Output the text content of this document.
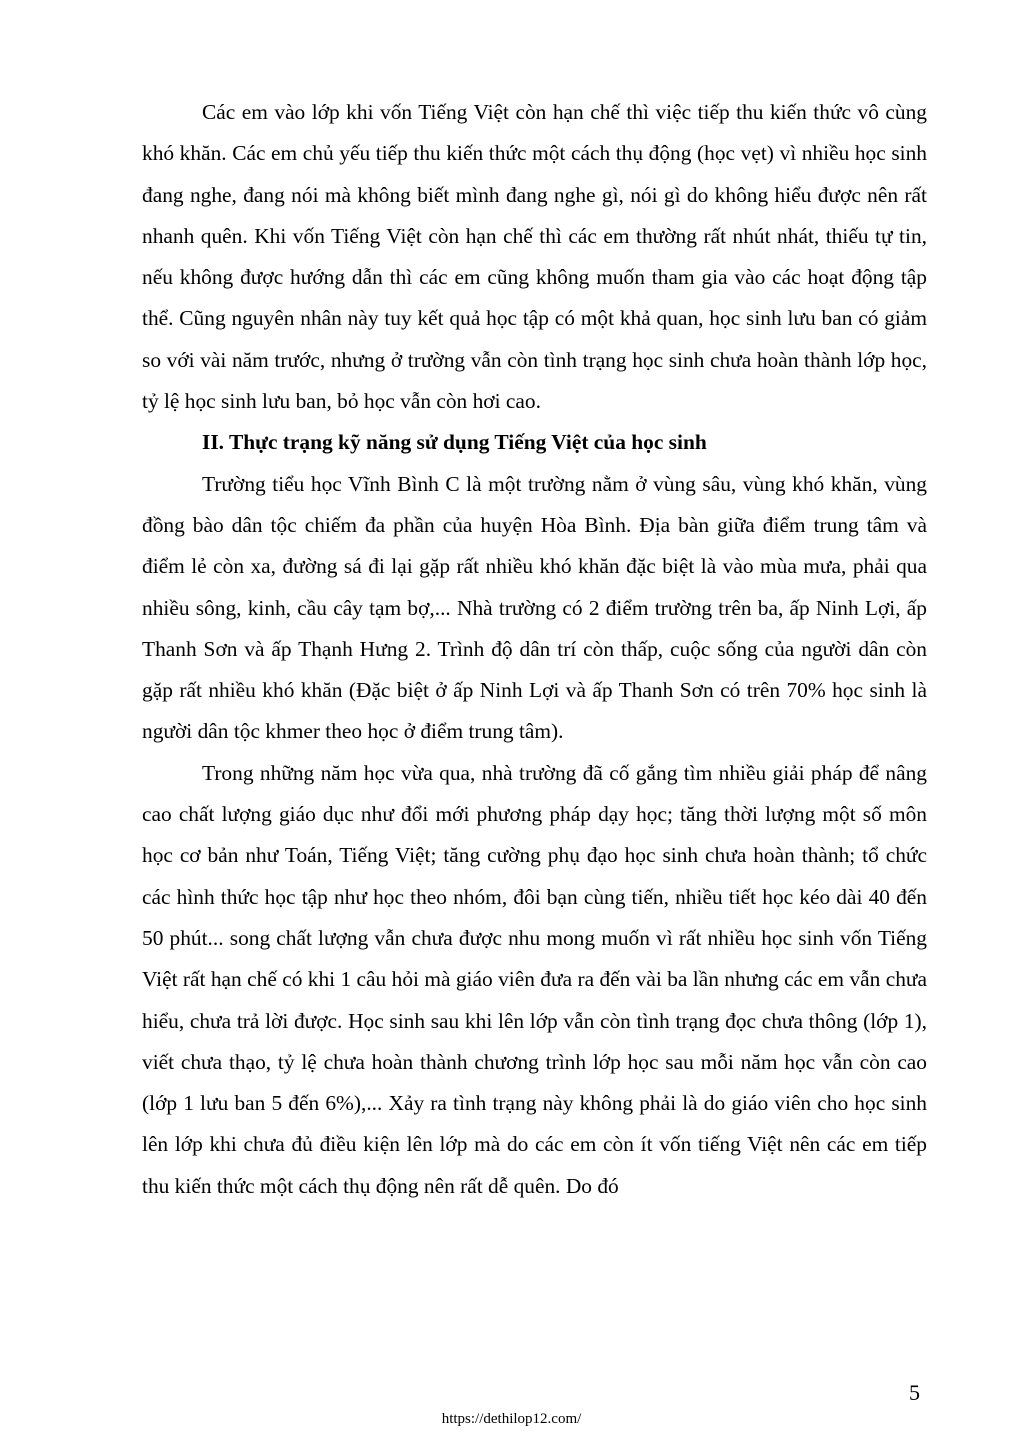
Các em vào lớp khi vốn Tiếng Việt còn hạn chế thì việc tiếp thu kiến thức vô cùng khó khăn. Các em chủ yếu tiếp thu kiến thức một cách thụ động (học vẹt) vì nhiều học sinh đang nghe, đang nói mà không biết mình đang nghe gì, nói gì do không hiểu được nên rất nhanh quên. Khi vốn Tiếng Việt còn hạn chế thì các em thường rất nhút nhát, thiếu tự tin, nếu không được hướng dẫn thì các em cũng không muốn tham gia vào các hoạt động tập thể. Cũng nguyên nhân này tuy kết quả học tập có một khả quan, học sinh lưu ban có giảm so với vài năm trước, nhưng ở trường vẫn còn tình trạng học sinh chưa hoàn thành lớp học, tỷ lệ học sinh lưu ban, bỏ học vẫn còn hơi cao.

II. Thực trạng kỹ năng sử dụng Tiếng Việt của học sinh

Trường tiểu học Vĩnh Bình C là một trường nằm ở vùng sâu, vùng khó khăn, vùng đồng bào dân tộc chiếm đa phần của huyện Hòa Bình. Địa bàn giữa điểm trung tâm và điểm lẻ còn xa, đường sá đi lại gặp rất nhiều khó khăn đặc biệt là vào mùa mưa, phải qua nhiều sông, kinh, cầu cây tạm bợ,... Nhà trường có 2 điểm trường trên ba, ấp Ninh Lợi, ấp Thanh Sơn và ấp Thạnh Hưng 2. Trình độ dân trí còn thấp, cuộc sống của người dân còn gặp rất nhiều khó khăn (Đặc biệt ở ấp Ninh Lợi và ấp Thanh Sơn có trên 70% học sinh là người dân tộc khmer theo học ở điểm trung tâm).

Trong những năm học vừa qua, nhà trường đã cố gắng tìm nhiều giải pháp để nâng cao chất lượng giáo dục như đổi mới phương pháp dạy học; tăng thời lượng một số môn học cơ bản như Toán, Tiếng Việt; tăng cường phụ đạo học sinh chưa hoàn thành; tổ chức các hình thức học tập như học theo nhóm, đôi bạn cùng tiến, nhiều tiết học kéo dài 40 đến 50 phút... song chất lượng vẫn chưa được nhu mong muốn vì rất nhiều học sinh vốn Tiếng Việt rất hạn chế có khi 1 câu hỏi mà giáo viên đưa ra đến vài ba lần nhưng các em vẫn chưa hiểu, chưa trả lời được. Học sinh sau khi lên lớp vẫn còn tình trạng đọc chưa thông (lớp 1), viết chưa thạo, tỷ lệ chưa hoàn thành chương trình lớp học sau mỗi năm học vẫn còn cao (lớp 1 lưu ban 5 đến 6%),... Xảy ra tình trạng này không phải là do giáo viên cho học sinh lên lớp khi chưa đủ điều kiện lên lớp mà do các em còn ít vốn tiếng Việt nên các em tiếp thu kiến thức một cách thụ động nên rất dễ quên. Do đó

5
https://dethilop12.com/
